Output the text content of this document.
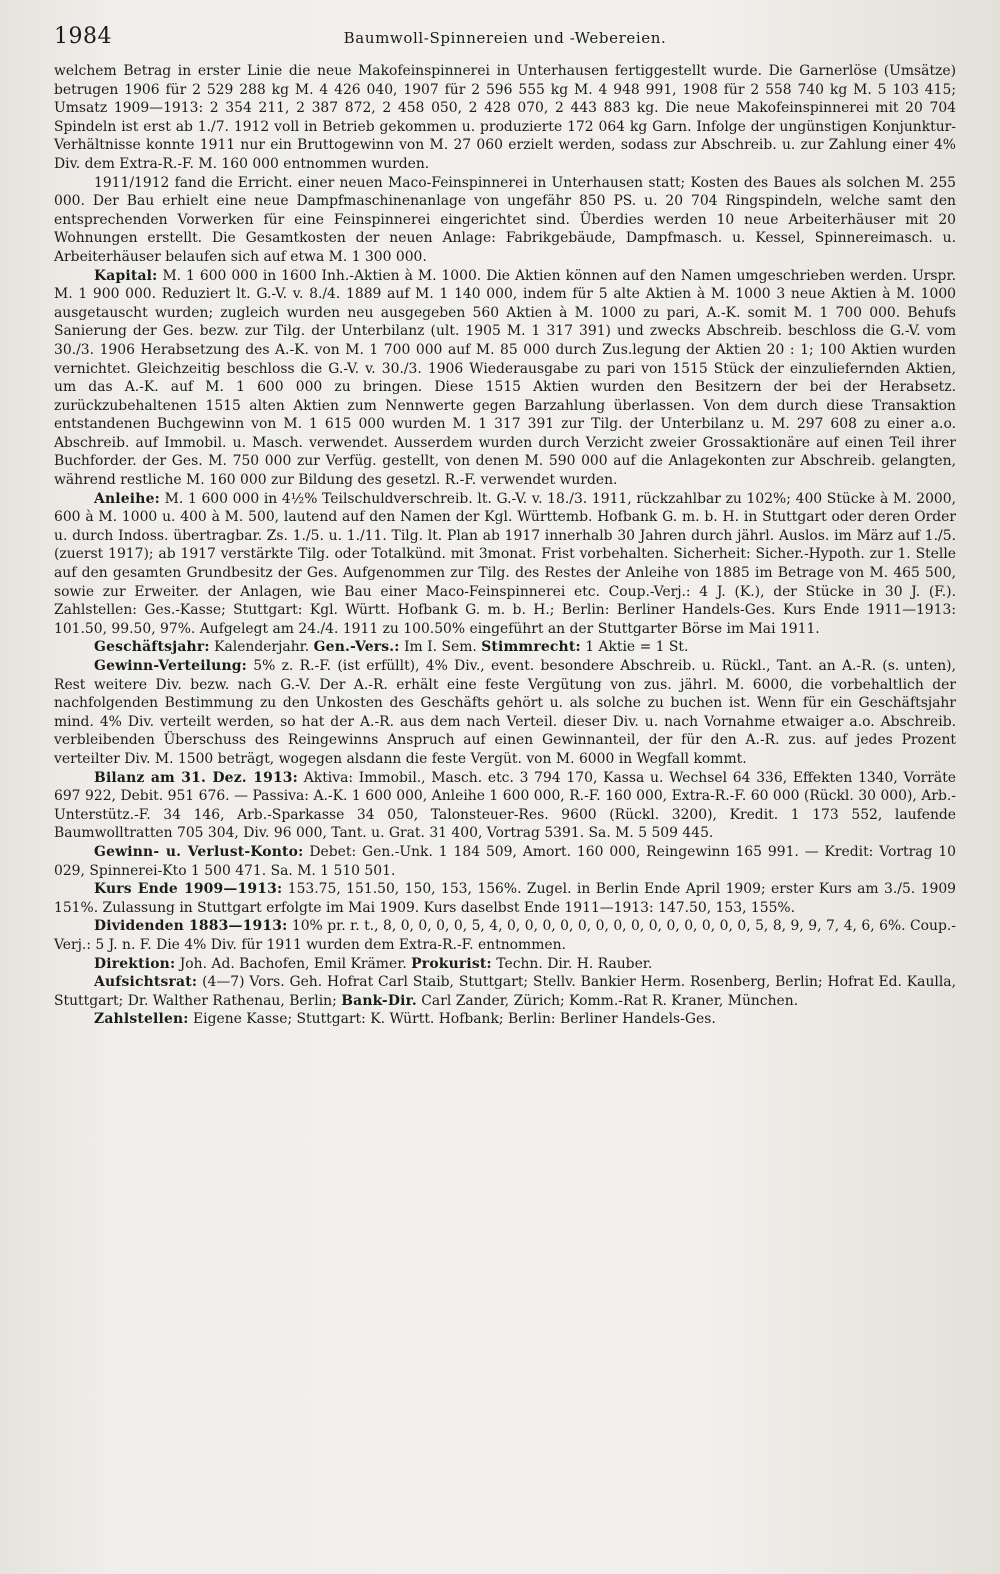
1984	Baumwoll-Spinnereien und -Webereien.

welchem Betrag in erster Linie die neue Makofeinspinnerei in Unterhausen fertiggestellt wurde. Die Garnerlöse (Umsätze) betrugen 1906 für 2 529 288 kg M. 4 426 040, 1907 für 2 596 555 kg M. 4 948 991, 1908 für 2 558 740 kg M. 5 103 415; Umsatz 1909—1913: 2 354 211, 2 387 872, 2 458 050, 2 428 070, 2 443 883 kg. Die neue Makofeinspinnerei mit 20 704 Spindeln ist erst ab 1./7. 1912 voll in Betrieb gekommen u. produzierte 172 064 kg Garn. Infolge der ungünstigen Konjunktur-Verhältnisse konnte 1911 nur ein Bruttogewinn von M. 27 060 erzielt werden, sodass zur Abschreib. u. zur Zahlung einer 4% Div. dem Extra-R.-F. M. 160 000 entnommen wurden.

1911/1912 fand die Erricht. einer neuen Maco-Feinspinnerei in Unterhausen statt; Kosten des Baues als solchen M. 255 000. Der Bau erhielt eine neue Dampfmaschinenanlage von ungefähr 850 PS. u. 20 704 Ringspindeln, welche samt den entsprechenden Vorwerken für eine Feinspinnerei eingerichtet sind. Überdies werden 10 neue Arbeiterhäuser mit 20 Wohnungen erstellt. Die Gesamtkosten der neuen Anlage: Fabrikgebäude, Dampfmasch. u. Kessel, Spinnereimasch. u. Arbeiterhäuser belaufen sich auf etwa M. 1 300 000.

Kapital: M. 1 600 000 in 1600 Inh.-Aktien à M. 1000. Die Aktien können auf den Namen umgeschrieben werden. Urspr. M. 1 900 000. Reduziert lt. G.-V. v. 8./4. 1889 auf M. 1 140 000, indem für 5 alte Aktien à M. 1000 3 neue Aktien à M. 1000 ausgetauscht wurden; zugleich wurden neu ausgegeben 560 Aktien à M. 1000 zu pari, A.-K. somit M. 1 700 000. Behufs Sanierung der Ges. bezw. zur Tilg. der Unterbilanz (ult. 1905 M. 1 317 391) und zwecks Abschreib. beschloss die G.-V. vom 30./3. 1906 Herabsetzung des A.-K. von M. 1 700 000 auf M. 85 000 durch Zus.legung der Aktien 20 : 1; 100 Aktien wurden vernichtet. Gleichzeitig beschloss die G.-V. v. 30./3. 1906 Wiederausgabe zu pari von 1515 Stück der einzuliefernden Aktien, um das A.-K. auf M. 1 600 000 zu bringen. Diese 1515 Aktien wurden den Besitzern der bei der Herabsetz. zurückzubehaltenen 1515 alten Aktien zum Nennwerte gegen Barzahlung überlassen. Von dem durch diese Transaktion entstandenen Buchgewinn von M. 1 615 000 wurden M. 1 317 391 zur Tilg. der Unterbilanz u. M. 297 608 zu einer a.o. Abschreib. auf Immobil. u. Masch. verwendet. Ausserdem wurden durch Verzicht zweier Grossaktionäre auf einen Teil ihrer Buchforder. der Ges. M. 750 000 zur Verfüg. gestellt, von denen M. 590 000 auf die Anlagekonten zur Abschreib. gelangten, während restliche M. 160 000 zur Bildung des gesetzl. R.-F. verwendet wurden.

Anleihe: M. 1 600 000 in 4½% Teilschuldverschreib. lt. G.-V. v. 18./3. 1911, rückzahlbar zu 102%; 400 Stücke à M. 2000, 600 à M. 1000 u. 400 à M. 500, lautend auf den Namen der Kgl. Württemb. Hofbank G. m. b. H. in Stuttgart oder deren Order u. durch Indoss. übertragbar. Zs. 1./5. u. 1./11. Tilg. lt. Plan ab 1917 innerhalb 30 Jahren durch jährl. Auslos. im März auf 1./5. (zuerst 1917); ab 1917 verstärkte Tilg. oder Totalkünd. mit 3monat. Frist vorbehalten. Sicherheit: Sicher.-Hypoth. zur 1. Stelle auf den gesamten Grundbesitz der Ges. Aufgenommen zur Tilg. des Restes der Anleihe von 1885 im Betrage von M. 465 500, sowie zur Erweiter. der Anlagen, wie Bau einer Maco-Feinspinnerei etc. Coup.-Verj.: 4 J. (K.), der Stücke in 30 J. (F.). Zahlstellen: Ges.-Kasse; Stuttgart: Kgl. Württ. Hofbank G. m. b. H.; Berlin: Berliner Handels-Ges. Kurs Ende 1911—1913: 101.50, 99.50, 97%. Aufgelegt am 24./4. 1911 zu 100.50% eingeführt an der Stuttgarter Börse im Mai 1911.

Geschäftsjahr: Kalenderjahr. Gen.-Vers.: Im I. Sem. Stimmrecht: 1 Aktie = 1 St.

Gewinn-Verteilung: 5% z. R.-F. (ist erfüllt), 4% Div., event. besondere Abschreib. u. Rückl., Tant. an A.-R. (s. unten), Rest weitere Div. bezw. nach G.-V. Der A.-R. erhält eine feste Vergütung von zus. jährl. M. 6000, die vorbehaltlich der nachfolgenden Bestimmung zu den Unkosten des Geschäfts gehört u. als solche zu buchen ist. Wenn für ein Geschäftsjahr mind. 4% Div. verteilt werden, so hat der A.-R. aus dem nach Verteil. dieser Div. u. nach Vornahme etwaiger a.o. Abschreib. verbleibenden Überschuss des Reingewinns Anspruch auf einen Gewinnanteil, der für den A.-R. zus. auf jedes Prozent verteilter Div. M. 1500 beträgt, wogegen alsdann die feste Vergüt. von M. 6000 in Wegfall kommt.

Bilanz am 31. Dez. 1913: Aktiva: Immobil., Masch. etc. 3 794 170, Kassa u. Wechsel 64 336, Effekten 1340, Vorräte 697 922, Debit. 951 676. — Passiva: A.-K. 1 600 000, Anleihe 1 600 000, R.-F. 160 000, Extra-R.-F. 60 000 (Rückl. 30 000), Arb.-Unterstütz.-F. 34 146, Arb.-Sparkasse 34 050, Talonsteuer-Res. 9600 (Rückl. 3200), Kredit. 1 173 552, laufende Baumwolltratten 705 304, Div. 96 000, Tant. u. Grat. 31 400, Vortrag 5391. Sa. M. 5 509 445.

Gewinn- u. Verlust-Konto: Debet: Gen.-Unk. 1 184 509, Amort. 160 000, Reingewinn 165 991. — Kredit: Vortrag 10 029, Spinnerei-Kto 1 500 471. Sa. M. 1 510 501.

Kurs Ende 1909—1913: 153.75, 151.50, 150, 153, 156%. Zugel. in Berlin Ende April 1909; erster Kurs am 3./5. 1909 151%. Zulassung in Stuttgart erfolgte im Mai 1909. Kurs daselbst Ende 1911—1913: 147.50, 153, 155%.

Dividenden 1883—1913: 10% pr. r. t., 8, 0, 0, 0, 0, 5, 4, 0, 0, 0, 0, 0, 0, 0, 0, 0, 0, 0, 0, 0, 0, 5, 8, 9, 9, 7, 4, 6, 6%. Coup.-Verj.: 5 J. n. F. Die 4% Div. für 1911 wurden dem Extra-R.-F. entnommen.

Direktion: Joh. Ad. Bachofen, Emil Krämer. Prokurist: Techn. Dir. H. Rauber.

Aufsichtsrat: (4—7) Vors. Geh. Hofrat Carl Staib, Stuttgart; Stellv. Bankier Herm. Rosenberg, Berlin; Hofrat Ed. Kaulla, Stuttgart; Dr. Walther Rathenau, Berlin; Bank-Dir. Carl Zander, Zürich; Komm.-Rat R. Kraner, München.

Zahlstellen: Eigene Kasse; Stuttgart: K. Württ. Hofbank; Berlin: Berliner Handels-Ges.
